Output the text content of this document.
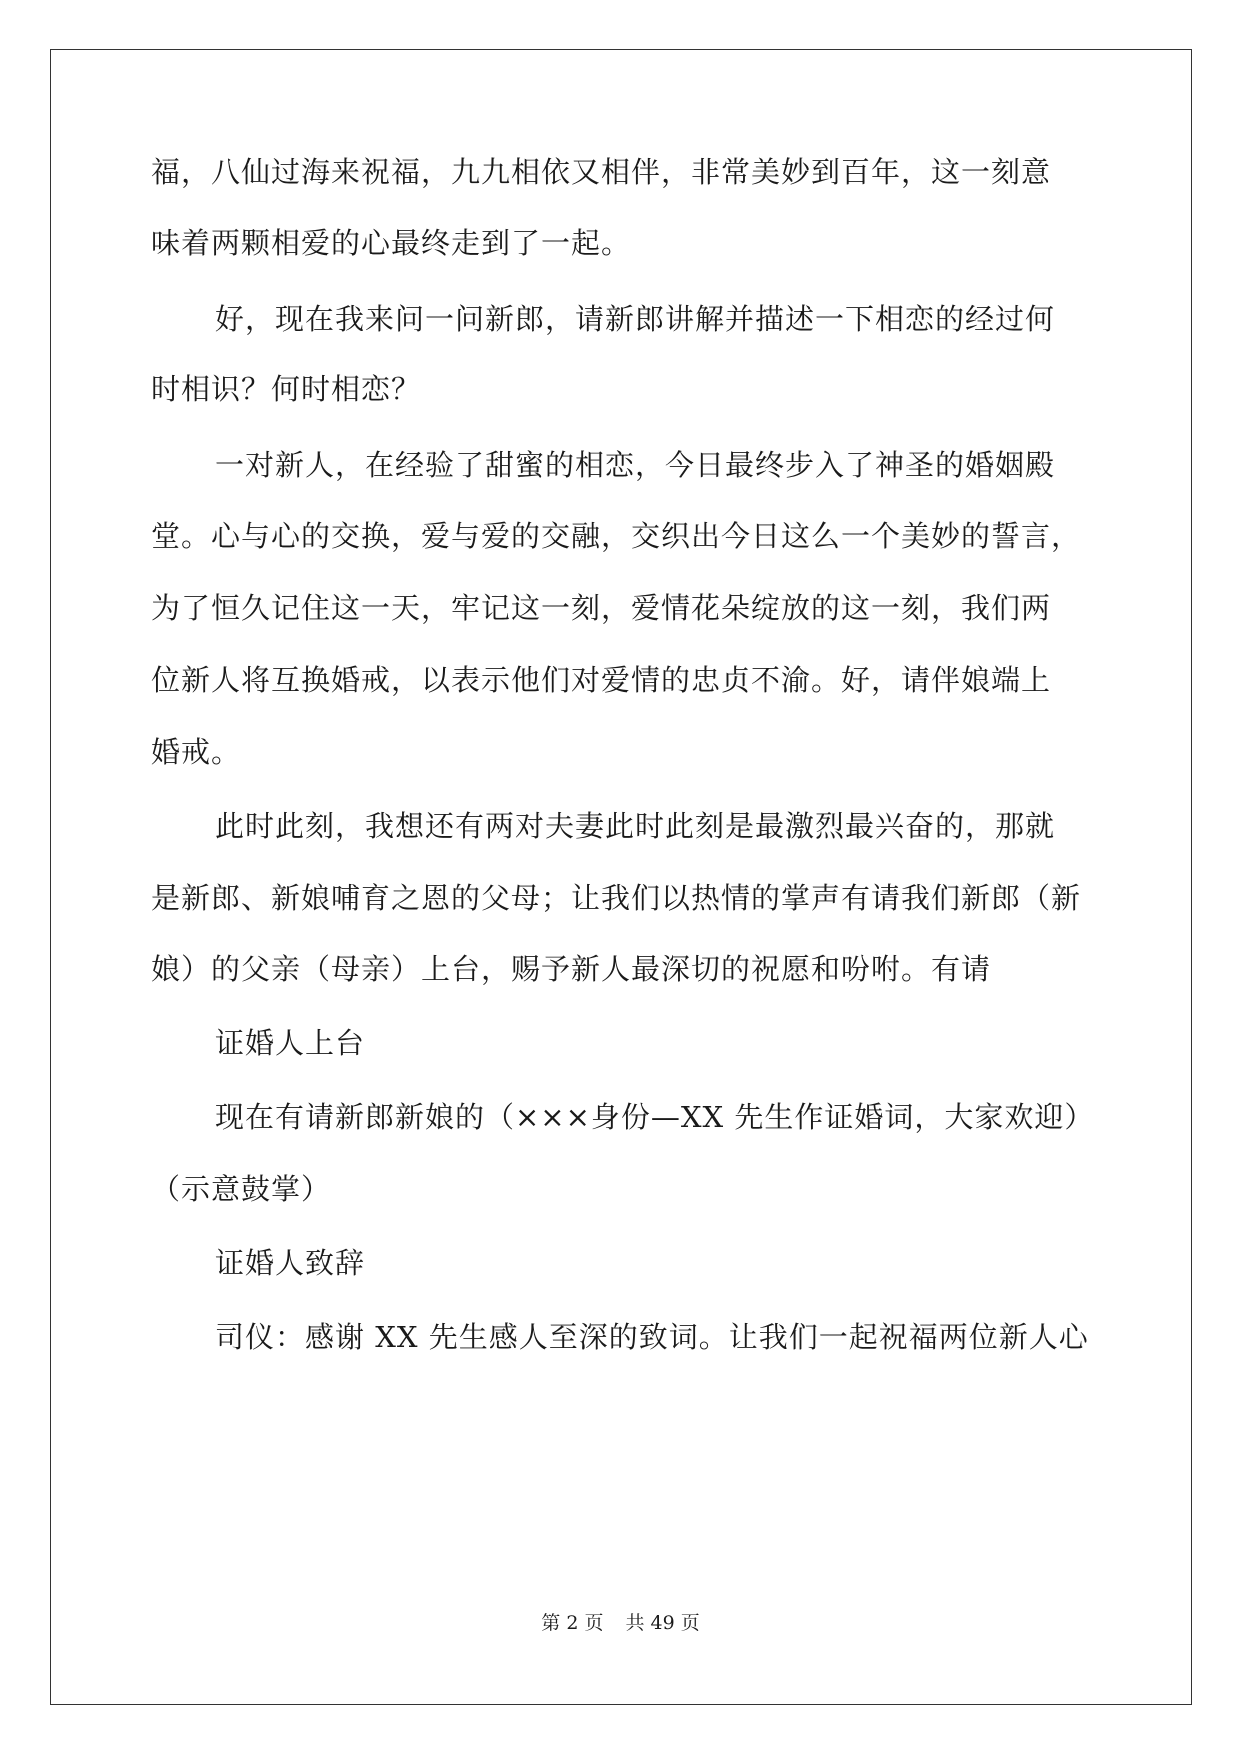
福，八仙过海来祝福，九九相依又相伴，非常美妙到百年，这一刻意
味着两颗相爱的心最终走到了一起。
好，现在我来问一问新郎，请新郎讲解并描述一下相恋的经过何
时相识？何时相恋？
一对新人，在经验了甜蜜的相恋，今日最终步入了神圣的婚姻殿
堂。心与心的交换，爱与爱的交融，交织出今日这么一个美妙的誓言，
为了恒久记住这一天，牢记这一刻，爱情花朵绽放的这一刻，我们两
位新人将互换婚戒，以表示他们对爱情的忠贞不渝。好，请伴娘端上
婚戒。
此时此刻，我想还有两对夫妻此时此刻是最激烈最兴奋的，那就
是新郎、新娘哺育之恩的父母；让我们以热情的掌声有请我们新郎（新
娘）的父亲（母亲）上台，赐予新人最深切的祝愿和吩咐。有请
证婚人上台
现在有请新郎新娘的（×××身份—XX 先生作证婚词，大家欢迎）
（示意鼓掌）
证婚人致辞
司仪：感谢 XX 先生感人至深的致词。让我们一起祝福两位新人心
第 2 页 共 49 页
